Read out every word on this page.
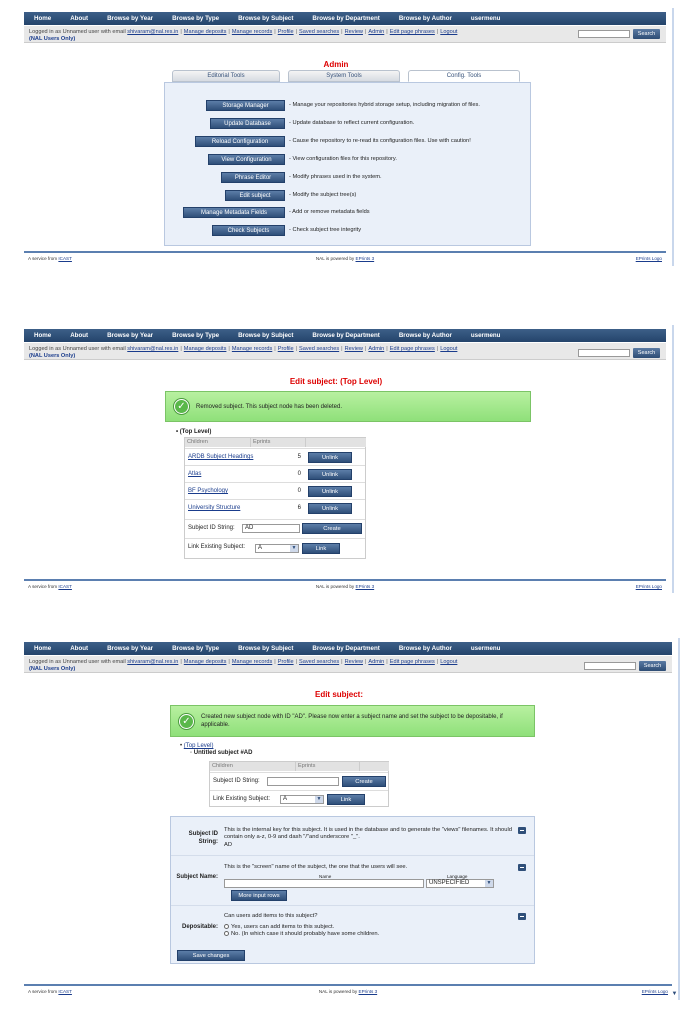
Home	About	Browse by Year	Browse by Type	Browse by Subject	Browse by Department	Browse by Author	usermenu
Logged in as Unnamed user with email shivaram@nal.res.in | Manage deposits | Manage records | Profile | Saved searches | Review | Admin | Edit page phrases | Logout
(NAL Users Only)
Search
Admin
Editorial Tools	System Tools	Config. Tools
Storage Manager	- Manage your repositories hybrid storage setup, including migration of files.
Update Database	- Update database to reflect current configuration.
Reload Configuration	- Cause the repository to re-read its configuration files. Use with caution!
View Configuration	- View configuration files for this repository.
Phrase Editor	- Modify phrases used in the system.
Edit subject	- Modify the subject tree(s)
Manage Metadata Fields	- Add or remove metadata fields
Check Subjects	- Check subject tree integrity
A service from ICAST	NAL is powered by EPrints 3	EPrints Logo
Home	About	Browse by Year	Browse by Type	Browse by Subject	Browse by Department	Browse by Author	usermenu
Logged in as Unnamed user with email shivaram@nal.res.in | Manage deposits | Manage records | Profile | Saved searches | Review | Admin | Edit page phrases | Logout
(NAL Users Only)	Search
Edit subject: (Top Level)
✓	Removed subject. This subject node has been deleted.
• (Top Level)
Children	Eprints
ARDB Subject Headings	5	Unlink
Atlas	0	Unlink
BF Psychology	0	Unlink
University Structure	6	Unlink
Subject ID String:	AD	Create
Link Existing Subject:	A	▼	Link
A service from ICAST	NAL is powered by EPrints 3	EPrints Logo
Home	About	Browse by Year	Browse by Type	Browse by Subject	Browse by Department	Browse by Author	usermenu
Logged in as Unnamed user with email shivaram@nal.res.in | Manage deposits | Manage records | Profile | Saved searches | Review | Admin | Edit page phrases | Logout
(NAL Users Only)	Search
Edit subject:
✓	Created new subject node with ID "AD". Please now enter a subject name and set the subject to be depositable, if applicable.
• (Top Level)
◦ Untitled subject #AD
Children	Eprints
Subject ID String:	Create
Link Existing Subject:	A	▼	Link
Subject ID String:
This is the internal key for this subject. It is used in the database and to generate the "views" filenames. It should contain only a-z, 0-9 and dash "/"and underscore "_".
AD
Subject Name:
This is the "screen" name of the subject, the one that the users will see.
Name	Language
UNSPECIFIED	▼
More input rows
Depositable:
Can users add items to this subject?
Yes, users can add items to this subject.
No. (In which case it should probably have some children.
Save changes
A service from ICAST	NAL is powered by EPrints 3	EPrints Logo ▼
